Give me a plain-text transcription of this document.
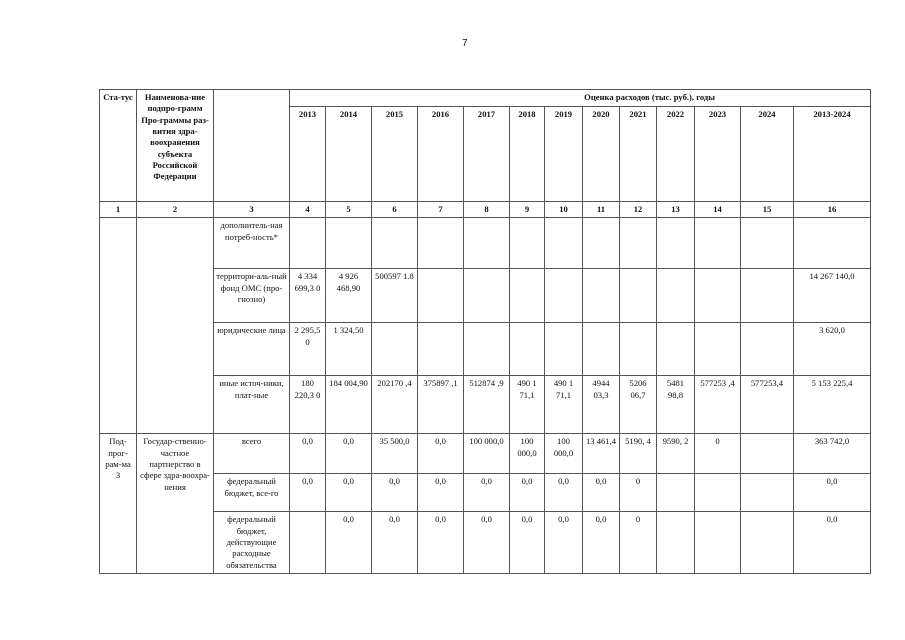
7
Ста-тус	Наименова-ние подпро-грамм Про-граммы раз-вития здра-воохранения субъекта Российской Федерации		Оценка расходов (тыс. руб.), годы												
			2013	2014	2015	2016	2017	2018	2019	2020	2021	2022	2023	2024	2013-2024
1	2	3	4	5	6	7	8	9	10	11	12	13	14	15	16
		дополнитель-ная потреб-ность*													
		территори-аль-ный фонд ОМС (про-гнозно)	4 334 699,3 0	4 926 468,90	500597 1.8										14 267 140,0
		юридические лица	2 295,5 0	1 324,50											3 620,0
		иные источ-ники, плат-ные	180 220,3 0	184 004,90	202170 ,4	375897 ,1	512874 ,9	490 1 71,1	490 1 71,1	4944 03,3	5206 06,7	5481 98,8	577253 ,4	577253,4	5 153 225,4
Под-прог-рам-ма 3	Государ-ственно-частное партнерство в сфере здра-воохра-нения	всего	0,0	0,0	35 500,0	0,0	100 000,0	100 000,0	100 000,0	13 461,4	5190, 4	9590, 2	0		363 742,0
		федеральный бюджет, все-го	0,0	0,0	0,0	0,0	0,0	0,0	0,0	0,0	0				0,0
		федеральный бюджет, действующие расходные обязательства		0,0	0,0	0,0	0,0	0,0	0,0	0,0	0				0,0
